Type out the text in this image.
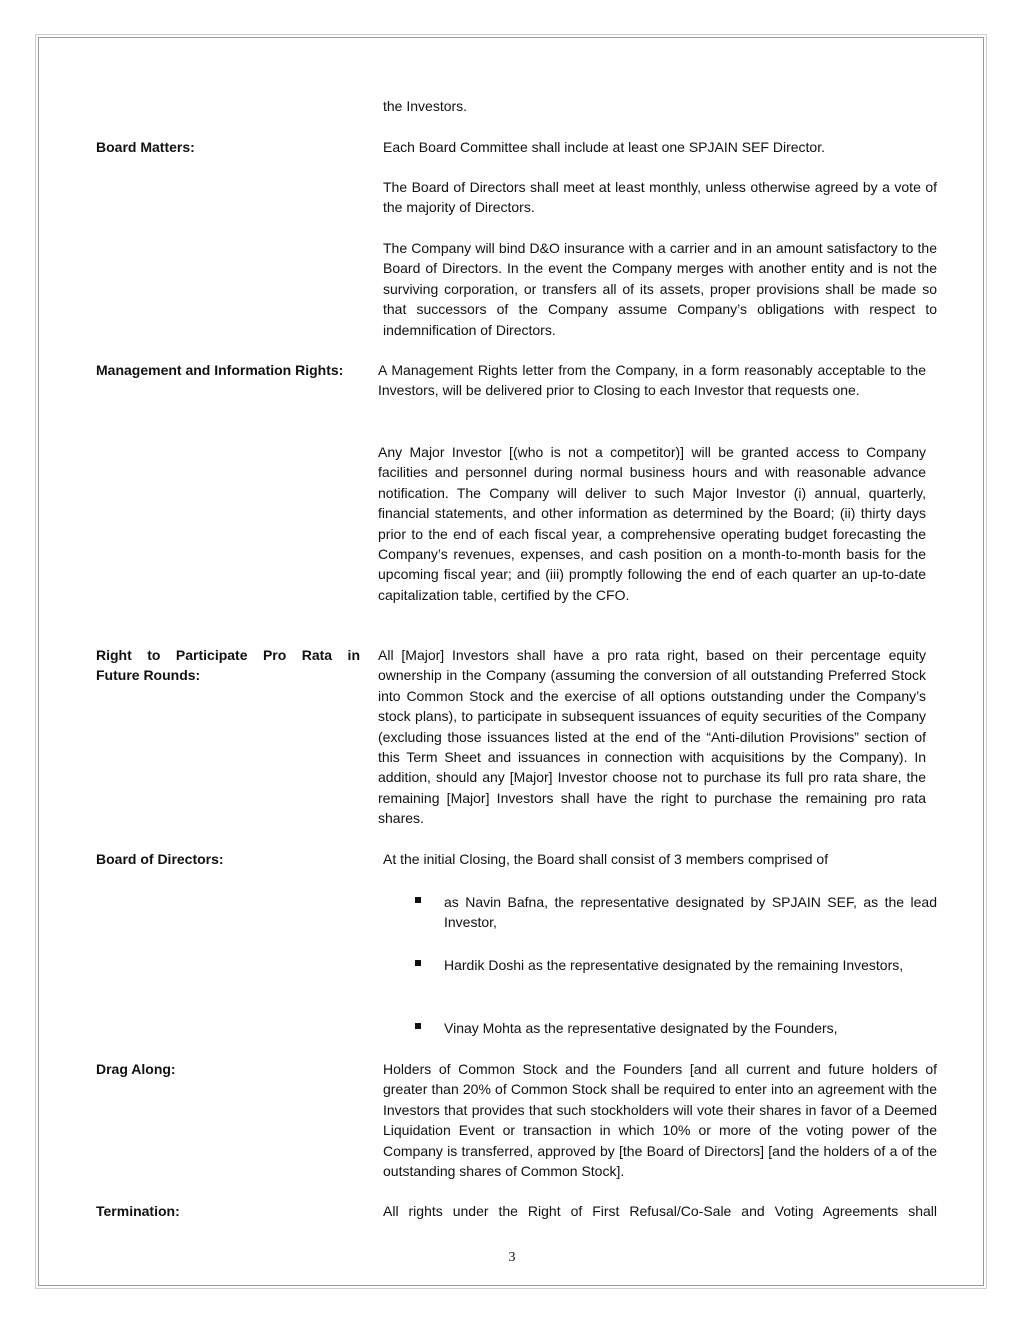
the Investors.

Board Matters:	Each Board Committee shall include at least one SPJAIN SEF Director.

The Board of Directors shall meet at least monthly, unless otherwise agreed by a vote of the majority of Directors.

The Company will bind D&O insurance with a carrier and in an amount satisfactory to the Board of Directors. In the event the Company merges with another entity and is not the surviving corporation, or transfers all of its assets, proper provisions shall be made so that successors of the Company assume Company’s obligations with respect to indemnification of Directors.

Management and Information Rights: A Management Rights letter from the Company, in a form reasonably acceptable to the Investors, will be delivered prior to Closing to each Investor that requests one.

Any Major Investor [(who is not a competitor)] will be granted access to Company facilities and personnel during normal business hours and with reasonable advance notification. The Company will deliver to such Major Investor (i) annual, quarterly, financial statements, and other information as determined by the Board; (ii) thirty days prior to the end of each fiscal year, a comprehensive operating budget forecasting the Company’s revenues, expenses, and cash position on a month-to-month basis for the upcoming fiscal year; and (iii) promptly following the end of each quarter an up-to-date capitalization table, certified by the CFO.

Right to Participate Pro Rata in
Future Rounds:

All [Major] Investors shall have a pro rata right, based on their percentage equity ownership in the Company (assuming the conversion of all outstanding Preferred Stock into Common Stock and the exercise of all options outstanding under the Company’s stock plans), to participate in subsequent issuances of equity securities of the Company (excluding those issuances listed at the end of the “Anti-dilution Provisions” section of this Term Sheet and issuances in connection with acquisitions by the Company). In addition, should any [Major] Investor choose not to purchase its full pro rata share, the remaining [Major] Investors shall have the right to purchase the remaining pro rata shares.

Board of Directors:	At the initial Closing, the Board shall consist of 3 members comprised of

as Navin Bafna, the representative designated by SPJAIN SEF, as the lead Investor,

Hardik Doshi as the representative designated by the remaining Investors,

Vinay Mohta as the representative designated by the Founders,

Drag Along:	Holders of Common Stock and the Founders [and all current and future holders of greater than 20% of Common Stock shall be required to enter into an agreement with the Investors that provides that such stockholders will vote their shares in favor of a Deemed Liquidation Event or transaction in which 10% or more of the voting power of the Company is transferred, approved by [the Board of Directors] [and the holders of a of the outstanding shares of Common Stock].

Termination:	All rights under the Right of First Refusal/Co-Sale and Voting Agreements shall

3
